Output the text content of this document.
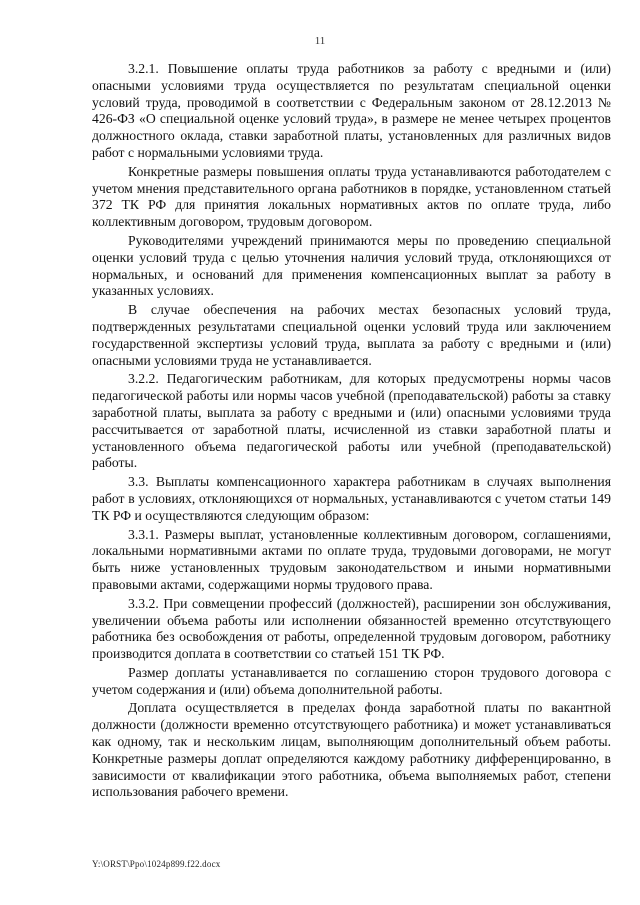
11

3.2.1. Повышение оплаты труда работников за работу с вредными и (или) опасными условиями труда осуществляется по результатам специальной оценки условий труда, проводимой в соответствии с Федеральным законом от 28.12.2013 № 426-ФЗ «О специальной оценке условий труда», в размере не менее четырех процентов должностного оклада, ставки заработной платы, установленных для различных видов работ с нормальными условиями труда.

Конкретные размеры повышения оплаты труда устанавливаются работодателем с учетом мнения представительного органа работников в порядке, установленном статьей 372 ТК РФ для принятия локальных нормативных актов по оплате труда, либо коллективным договором, трудовым договором.

Руководителями учреждений принимаются меры по проведению специальной оценки условий труда с целью уточнения наличия условий труда, отклоняющихся от нормальных, и оснований для применения компенсационных выплат за работу в указанных условиях.

В случае обеспечения на рабочих местах безопасных условий труда, подтвержденных результатами специальной оценки условий труда или заключением государственной экспертизы условий труда, выплата за работу с вредными и (или) опасными условиями труда не устанавливается.

3.2.2. Педагогическим работникам, для которых предусмотрены нормы часов педагогической работы или нормы часов учебной (преподавательской) работы за ставку заработной платы, выплата за работу с вредными и (или) опасными условиями труда рассчитывается от заработной платы, исчисленной из ставки заработной платы и установленного объема педагогической работы или учебной (преподавательской) работы.

3.3. Выплаты компенсационного характера работникам в случаях выполнения работ в условиях, отклоняющихся от нормальных, устанавливаются с учетом статьи 149 ТК РФ и осуществляются следующим образом:

3.3.1. Размеры выплат, установленные коллективным договором, соглашениями, локальными нормативными актами по оплате труда, трудовыми договорами, не могут быть ниже установленных трудовым законодательством и иными нормативными правовыми актами, содержащими нормы трудового права.

3.3.2. При совмещении профессий (должностей), расширении зон обслуживания, увеличении объема работы или исполнении обязанностей временно отсутствующего работника без освобождения от работы, определенной трудовым договором, работнику производится доплата в соответствии со статьей 151 ТК РФ.

Размер доплаты устанавливается по соглашению сторон трудового договора с учетом содержания и (или) объема дополнительной работы.

Доплата осуществляется в пределах фонда заработной платы по вакантной должности (должности временно отсутствующего работника) и может устанавливаться как одному, так и нескольким лицам, выполняющим дополнительный объем работы. Конкретные размеры доплат определяются каждому работнику дифференцированно, в зависимости от квалификации этого работника, объема выполняемых работ, степени использования рабочего времени.

Y:\ORST\Ppo\1024p899.f22.docx
